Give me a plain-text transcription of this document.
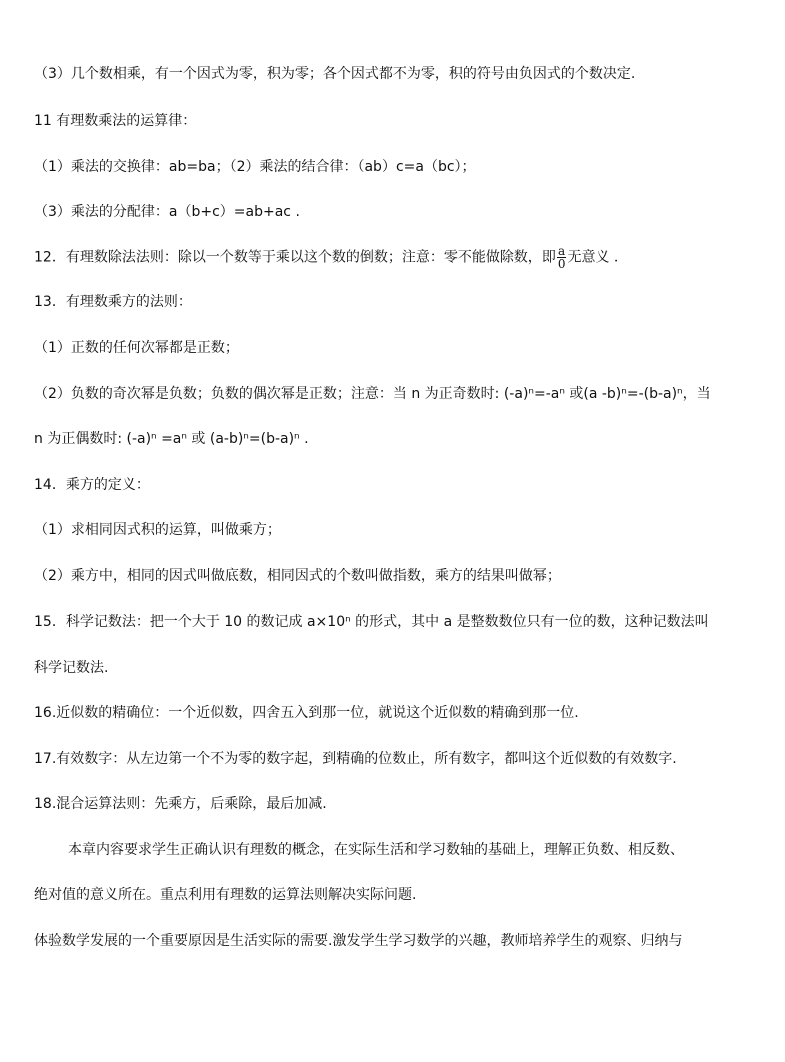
（3）几个数相乘，有一个因式为零，积为零；各个因式都不为零，积的符号由负因式的个数决定.
11 有理数乘法的运算律：
（1）乘法的交换律：ab=ba；（2）乘法的结合律：（ab）c=a（bc）；
（3）乘法的分配律：a（b+c）=ab+ac .
12．有理数除法法则：除以一个数等于乘以这个数的倒数；注意：零不能做除数，即 $\frac{a}{0}$ 无意义 .
13．有理数乘方的法则：
（1）正数的任何次幂都是正数；
（2）负数的奇次幂是负数；负数的偶次幂是正数；注意：当 n 为正奇数时: (-a)ⁿ=-aⁿ 或(a -b)ⁿ=-(b-a)ⁿ，当
n 为正偶数时: (-a)ⁿ =aⁿ 或 (a-b)ⁿ=(b-a)ⁿ .
14．乘方的定义：
（1）求相同因式积的运算，叫做乘方；
（2）乘方中，相同的因式叫做底数，相同因式的个数叫做指数，乘方的结果叫做幂；
15．科学记数法：把一个大于 10 的数记成 a×10ⁿ 的形式，其中 a 是整数数位只有一位的数，这种记数法叫
科学记数法.
16.近似数的精确位：一个近似数，四舍五入到那一位，就说这个近似数的精确到那一位.
17.有效数字：从左边第一个不为零的数字起，到精确的位数止，所有数字，都叫这个近似数的有效数字.
18.混合运算法则：先乘方，后乘除，最后加减.
本章内容要求学生正确认识有理数的概念，在实际生活和学习数轴的基础上，理解正负数、相反数、
绝对值的意义所在。重点利用有理数的运算法则解决实际问题.
体验数学发展的一个重要原因是生活实际的需要.激发学生学习数学的兴趣，教师培养学生的观察、归纳与
